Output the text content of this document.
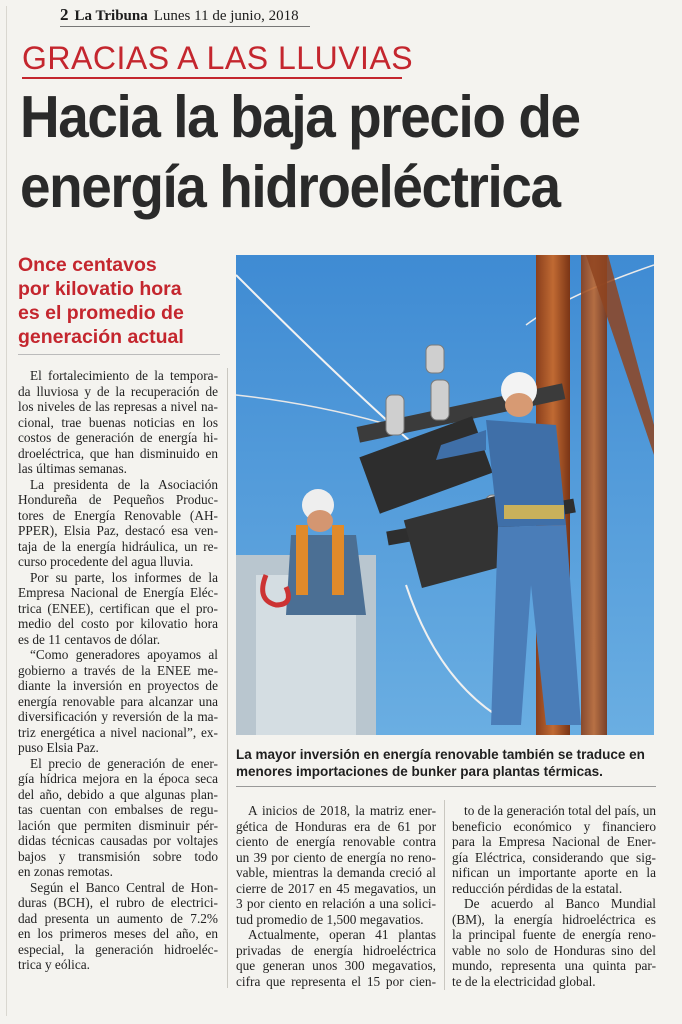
2 La Tribuna Lunes 11 de junio, 2018
GRACIAS A LAS LLUVIAS
Hacia la baja precio de
energía hidroeléctrica
Once centavos
por kilovatio hora
es el promedio de
generación actual
La mayor inversión en energía renovable también se traduce en
menores importaciones de bunker para plantas térmicas.
El fortalecimiento de la tempora-
da lluviosa y de la recuperación de
los niveles de las represas a nivel na-
cional, trae buenas noticias en los
costos de generación de energía hi-
droeléctrica, que han disminuido en
las últimas semanas.
La presidenta de la Asociación
Hondureña de Pequeños Produc-
tores de Energía Renovable (AH-
PPER), Elsia Paz, destacó esa ven-
taja de la energía hidráulica, un re-
curso procedente del agua lluvia.
Por su parte, los informes de la
Empresa Nacional de Energía Eléc-
trica (ENEE), certifican que el pro-
medio del costo por kilovatio hora
es de 11 centavos de dólar.
“Como generadores apoyamos al
gobierno a través de la ENEE me-
diante la inversión en proyectos de
energía renovable para alcanzar una
diversificación y reversión de la ma-
triz energética a nivel nacional”, ex-
puso Elsia Paz.
El precio de generación de ener-
gía hídrica mejora en la época seca
del año, debido a que algunas plan-
tas cuentan con embalses de regu-
lación que permiten disminuir pér-
didas técnicas causadas por voltajes
bajos y transmisión sobre todo
en zonas remotas.
Según el Banco Central de Hon-
duras (BCH), el rubro de electrici-
dad presenta un aumento de 7.2%
en los primeros meses del año, en
especial, la generación hidroeléc-
trica y eólica.
A inicios de 2018, la matriz ener-
gética de Honduras era de 61 por
ciento de energía renovable contra
un 39 por ciento de energía no reno-
vable, mientras la demanda creció al
cierre de 2017 en 45 megavatios, un
3 por ciento en relación a una solici-
tud promedio de 1,500 megavatios.
Actualmente, operan 41 plantas
privadas de energía hidroeléctrica
que generan unos 300 megavatios,
cifra que representa el 15 por cien-
to de la generación total del país, un
beneficio económico y financiero
para la Empresa Nacional de Ener-
gía Eléctrica, considerando que sig-
nifican un importante aporte en la
reducción pérdidas de la estatal.
De acuerdo al Banco Mundial
(BM), la energía hidroeléctrica es
la principal fuente de energía reno-
vable no solo de Honduras sino del
mundo, representa una quinta par-
te de la electricidad global.
